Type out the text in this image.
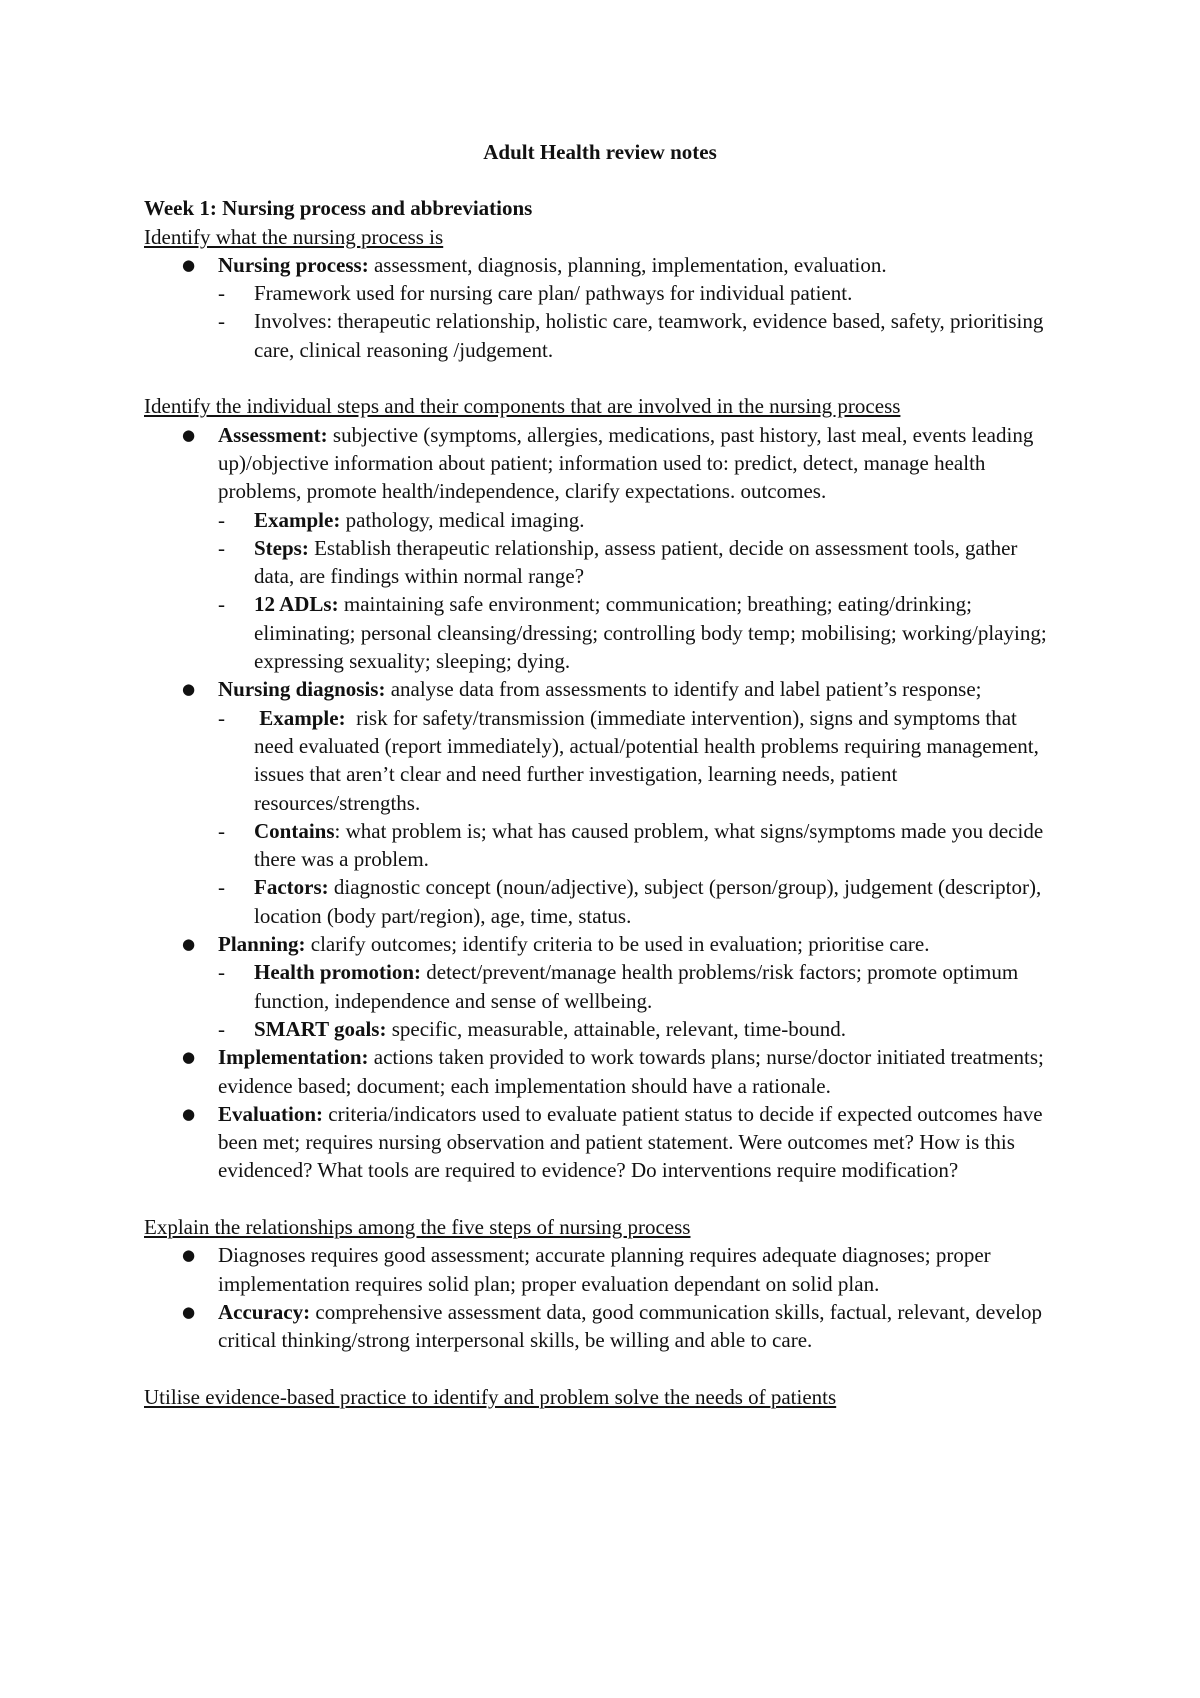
Adult Health review notes
Week 1: Nursing process and abbreviations
Identify what the nursing process is
● Nursing process: assessment, diagnosis, planning, implementation, evaluation.
- Framework used for nursing care plan/ pathways for individual patient.
- Involves: therapeutic relationship, holistic care, teamwork, evidence based, safety, prioritising care, clinical reasoning /judgement.
Identify the individual steps and their components that are involved in the nursing process
● Assessment: subjective (symptoms, allergies, medications, past history, last meal, events leading up)/objective information about patient; information used to: predict, detect, manage health problems, promote health/independence, clarify expectations. outcomes.
- Example: pathology, medical imaging.
- Steps: Establish therapeutic relationship, assess patient, decide on assessment tools, gather data, are findings within normal range?
- 12 ADLs: maintaining safe environment; communication; breathing; eating/drinking; eliminating; personal cleansing/dressing; controlling body temp; mobilising; working/playing; expressing sexuality; sleeping; dying.
● Nursing diagnosis: analyse data from assessments to identify and label patient’s response;
-  Example:  risk for safety/transmission (immediate intervention), signs and symptoms that need evaluated (report immediately), actual/potential health problems requiring management, issues that aren’t clear and need further investigation, learning needs, patient resources/strengths.
- Contains: what problem is; what has caused problem, what signs/symptoms made you decide there was a problem.
- Factors: diagnostic concept (noun/adjective), subject (person/group), judgement (descriptor), location (body part/region), age, time, status.
● Planning: clarify outcomes; identify criteria to be used in evaluation; prioritise care.
- Health promotion: detect/prevent/manage health problems/risk factors; promote optimum function, independence and sense of wellbeing.
- SMART goals: specific, measurable, attainable, relevant, time-bound.
● Implementation: actions taken provided to work towards plans; nurse/doctor initiated treatments; evidence based; document; each implementation should have a rationale.
● Evaluation: criteria/indicators used to evaluate patient status to decide if expected outcomes have been met; requires nursing observation and patient statement. Were outcomes met? How is this evidenced? What tools are required to evidence? Do interventions require modification?
Explain the relationships among the five steps of nursing process
● Diagnoses requires good assessment; accurate planning requires adequate diagnoses; proper implementation requires solid plan; proper evaluation dependant on solid plan.
● Accuracy: comprehensive assessment data, good communication skills, factual, relevant, develop critical thinking/strong interpersonal skills, be willing and able to care.
Utilise evidence-based practice to identify and problem solve the needs of patients
